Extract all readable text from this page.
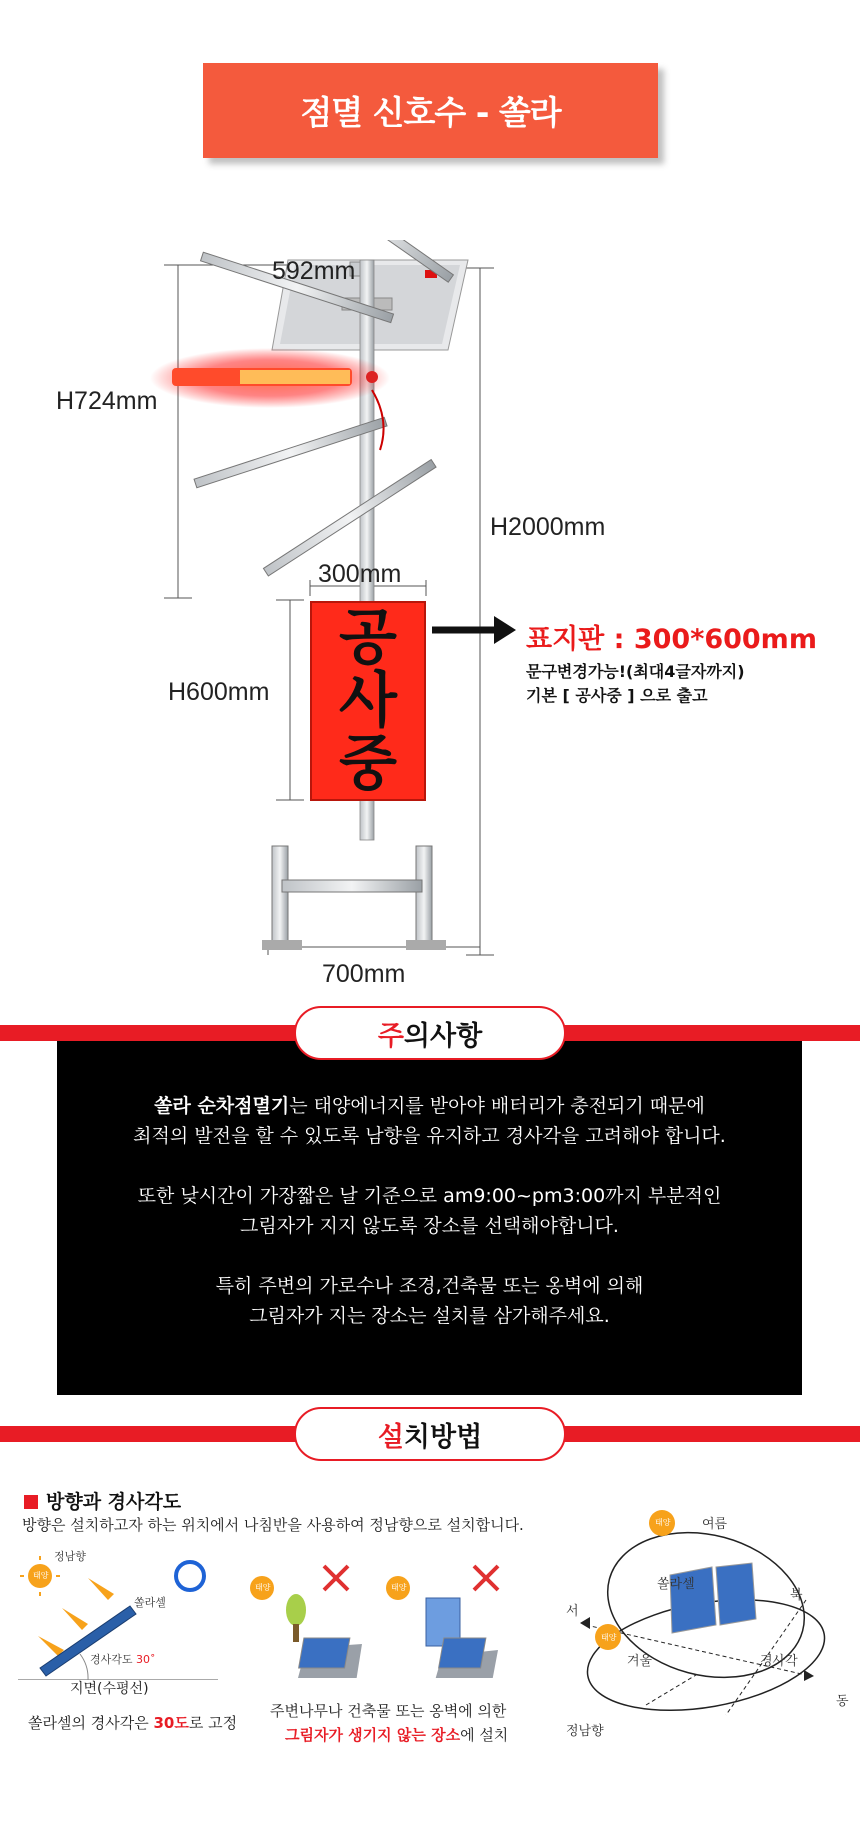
점멸 신호수 - 쏠라
592mm
H724mm
H2000mm
300mm
H600mm
700mm
공
사
중
표지판 : 300*600mm
문구변경가능!(최대4글자까지)
기본 [ 공사중 ] 으로 출고

쏠라 순차점멸기는 태양에너지를 받아야 배터리가 충전되기 때문에
최적의 발전을 할 수 있도록 남향을 유지하고 경사각을 고려해야 합니다.

또한 낮시간이 가장짧은 날 기준으로 am9:00~pm3:00까지 부분적인
그림자가 지지 않도록 장소를 선택해야합니다.

특히 주변의 가로수나 조경,건축물 또는 옹벽에 의해
그림자가 지는 장소는 설치를 삼가해주세요.

주 의사항
설 치방법
방향과 경사각도
방향은 설치하고자 하는 위치에서 나침반을 사용하여 정남향으로 설치합니다.
태양
정남향
쏠라셀
경사각도 30˚
지면(수평선)
쏠라셀의 경사각은 30도로 고정
태양	태양
주변나무나 건축물 또는 옹벽에 의한
그림자가 생기지 않는 장소에 설치
여름
태양
쏠라셀
북
서
태양
겨울	경사각
동
정남향
